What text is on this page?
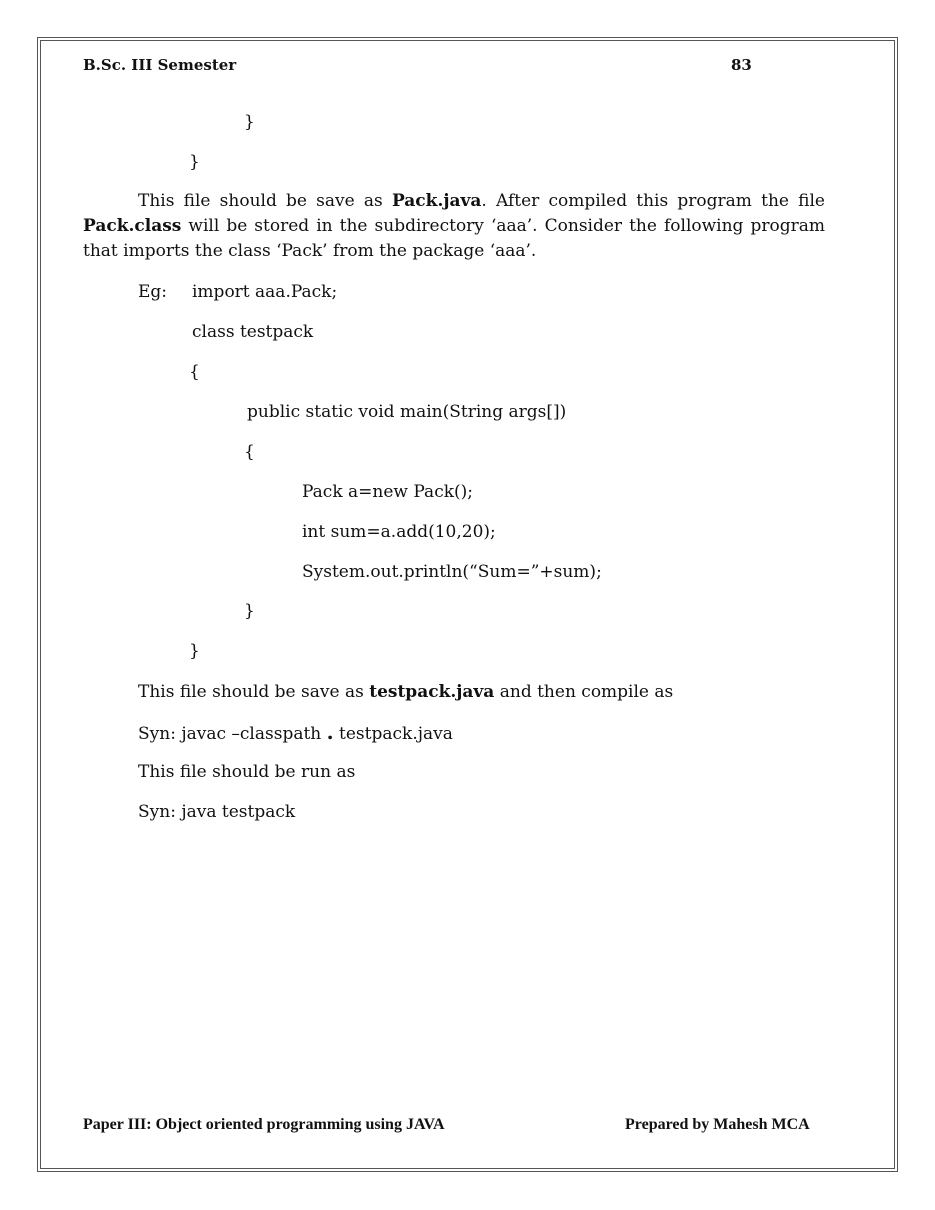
B.Sc. III Semester	83
}
}
This file should be save as Pack.java. After compiled this program the file Pack.class will be stored in the subdirectory ‘aaa’. Consider the following program that imports the class ‘Pack’ from the package ‘aaa’.
Eg: import aaa.Pack;
class testpack
{
public static void main(String args[])
{
Pack a=new Pack();
int sum=a.add(10,20);
System.out.println(“Sum=”+sum);
}
}
This file should be save as testpack.java and then compile as
Syn: javac –classpath . testpack.java
This file should be run as
Syn: java testpack
Paper III: Object oriented programming using JAVA	Prepared by Mahesh MCA
